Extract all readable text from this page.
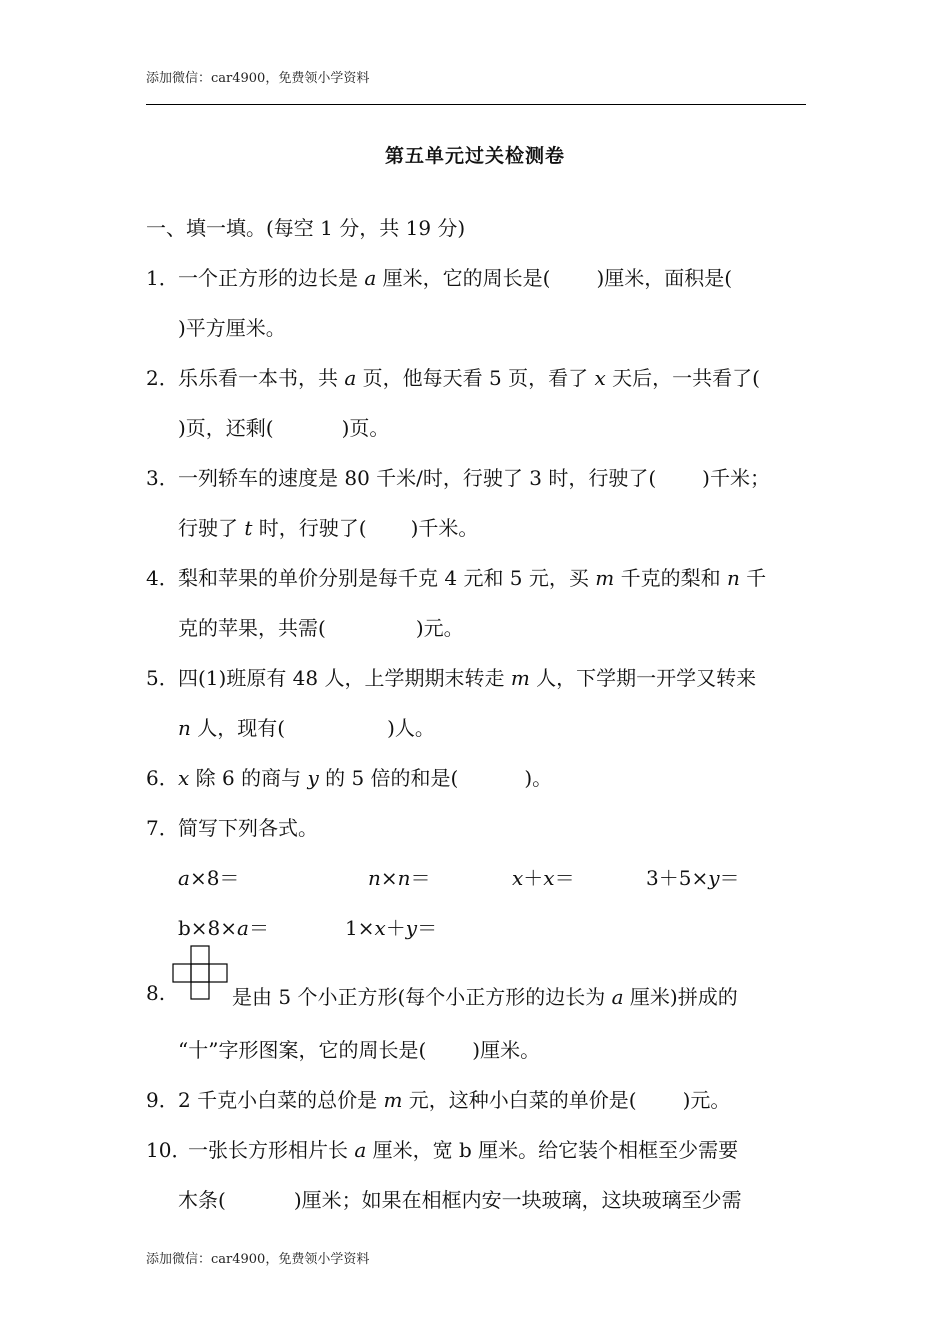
添加微信：car4900，免费领小学资料
第五单元过关检测卷
一、填一填。(每空 1 分，共 19 分)
1．一个正方形的边长是 a 厘米，它的周长是( )厘米，面积是(
)平方厘米。
2．乐乐看一本书，共 a 页，他每天看 5 页，看了 x 天后，一共看了(
)页，还剩(	)页。
3．一列轿车的速度是 80 千米/时，行驶了 3 时，行驶了( )千米；
行驶了 t 时，行驶了( )千米。
4．梨和苹果的单价分别是每千克 4 元和 5 元，买 m 千克的梨和 n 千
克的苹果，共需(	)元。
5．四(1)班原有 48 人，上学期期末转走 m 人，下学期一开学又转来
n 人，现有(	)人。
6．x 除 6 的商与 y 的 5 倍的和是(	)。
7．简写下列各式。
a×8＝	n×n＝	x＋x＝	3＋5×y＝
b×8×a＝	1×x＋y＝
8.	是由 5 个小正方形(每个小正方形的边长为 a 厘米)拼成的
“十”字形图案，它的周长是( )厘米。
9．2 千克小白菜的总价是 m 元，这种小白菜的单价是( )元。
10．一张长方形相片长 a 厘米，宽 b 厘米。给它装个相框至少需要
木条(	)厘米；如果在相框内安一块玻璃，这块玻璃至少需
添加微信：car4900，免费领小学资料
